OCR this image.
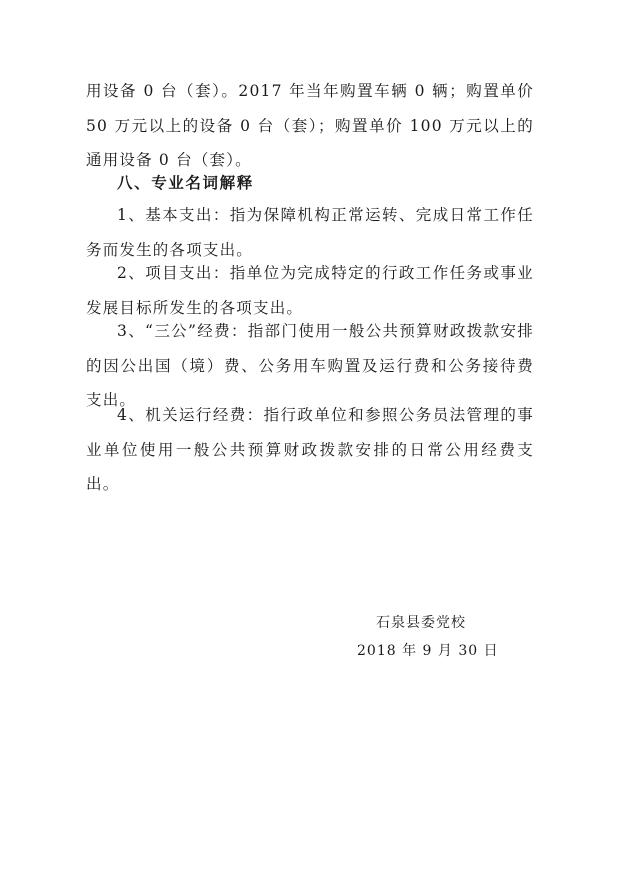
用设备 0 台（套）。2017 年当年购置车辆 0 辆；购置单价 50 万元以上的设备 0 台（套）；购置单价 100 万元以上的通用设备 0 台（套）。

八、专业名词解释

1、基本支出：指为保障机构正常运转、完成日常工作任务而发生的各项支出。

2、项目支出：指单位为完成特定的行政工作任务或事业发展目标所发生的各项支出。

3、“三公”经费：指部门使用一般公共预算财政拨款安排的因公出国（境）费、公务用车购置及运行费和公务接待费支出。

4、机关运行经费：指行政单位和参照公务员法管理的事业单位使用一般公共预算财政拨款安排的日常公用经费支出。

石泉县委党校

2018 年 9 月 30 日
